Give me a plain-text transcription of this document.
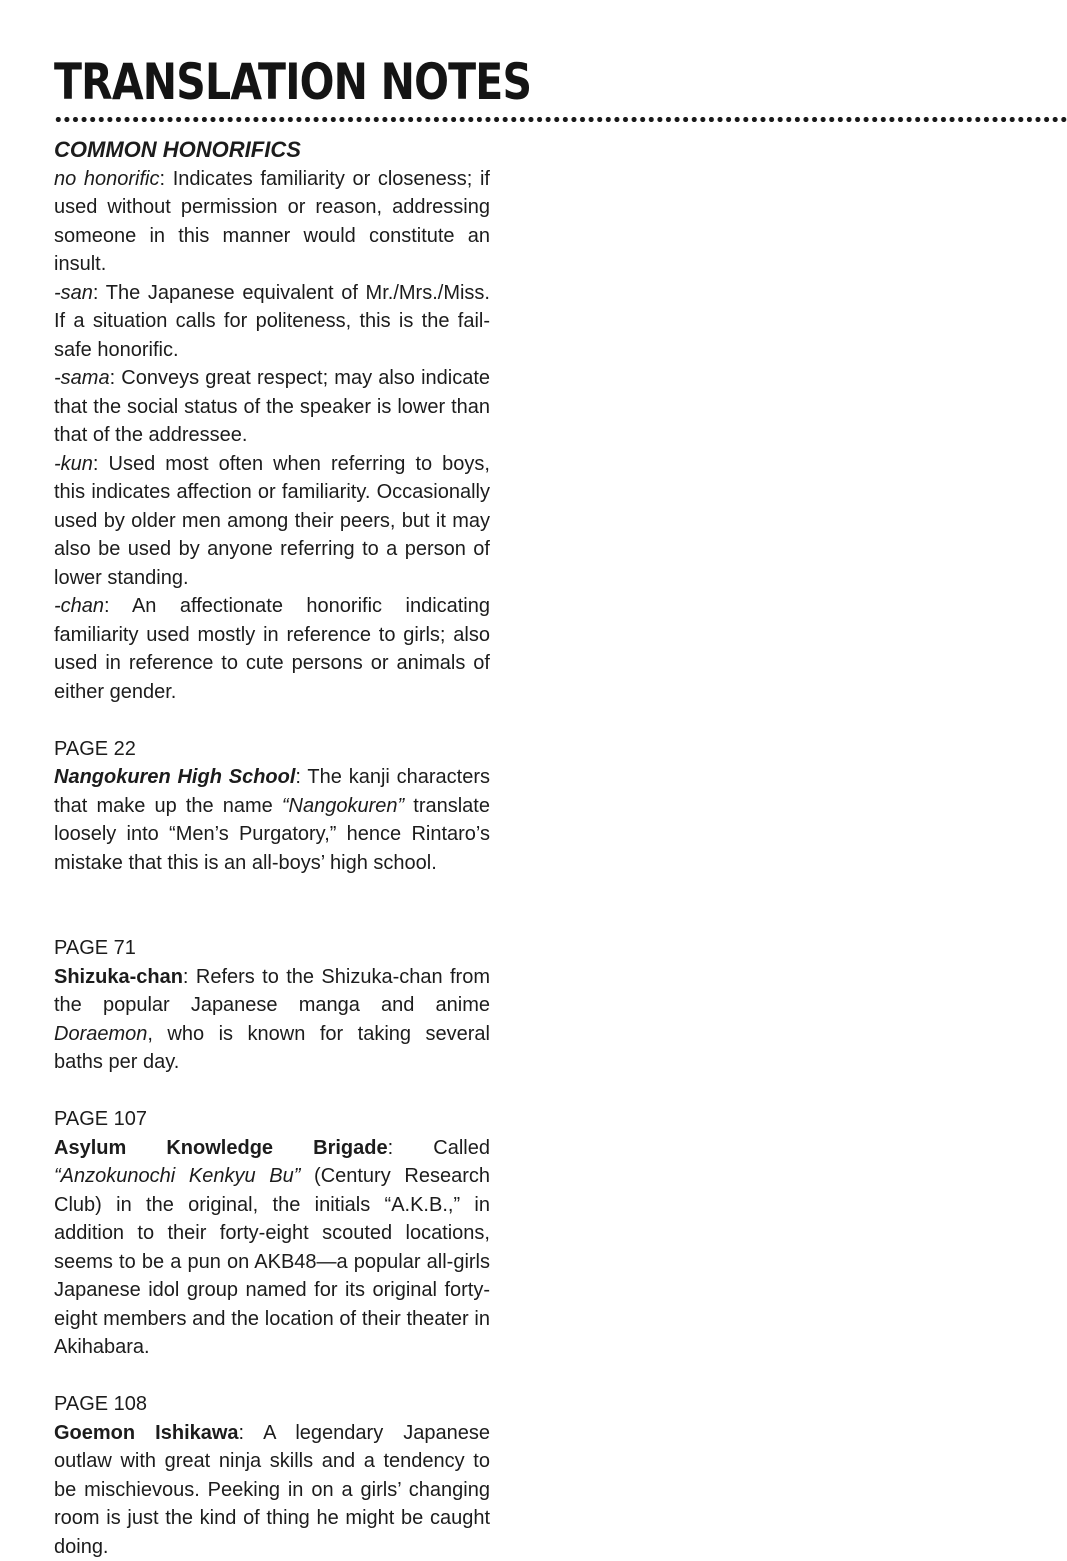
TRANSLATION NOTES

COMMON HONORIFICS

no honorific: Indicates familiarity or closeness; if used without permission or reason, addressing someone in this manner would constitute an insult.

-san: The Japanese equivalent of Mr./Mrs./Miss. If a situation calls for politeness, this is the fail-safe honorific.

-sama: Conveys great respect; may also indicate that the social status of the speaker is lower than that of the addressee.

-kun: Used most often when referring to boys, this indicates affection or familiarity. Occasionally used by older men among their peers, but it may also be used by anyone referring to a person of lower standing.

-chan: An affectionate honorific indicating familiarity used mostly in reference to girls; also used in reference to cute persons or animals of either gender.

PAGE 22

Nangokuren High School: The kanji characters that make up the name “Nangokuren” translate loosely into “Men’s Purgatory,” hence Rintaro’s mistake that this is an all-boys’ high school.

PAGE 71

Shizuka-chan: Refers to the Shizuka-chan from the popular Japanese manga and anime Doraemon, who is known for taking several baths per day.

PAGE 107

Asylum Knowledge Brigade: Called “Anzokunochi Kenkyu Bu” (Century Research Club) in the original, the initials “A.K.B.,” in addition to their forty-eight scouted locations, seems to be a pun on AKB48—a popular all-girls Japanese idol group named for its original forty-eight members and the location of their theater in Akihabara.

PAGE 108

Goemon Ishikawa: A legendary Japanese outlaw with great ninja skills and a tendency to be mischievous. Peeking in on a girls’ changing room is just the kind of thing he might be caught doing.
